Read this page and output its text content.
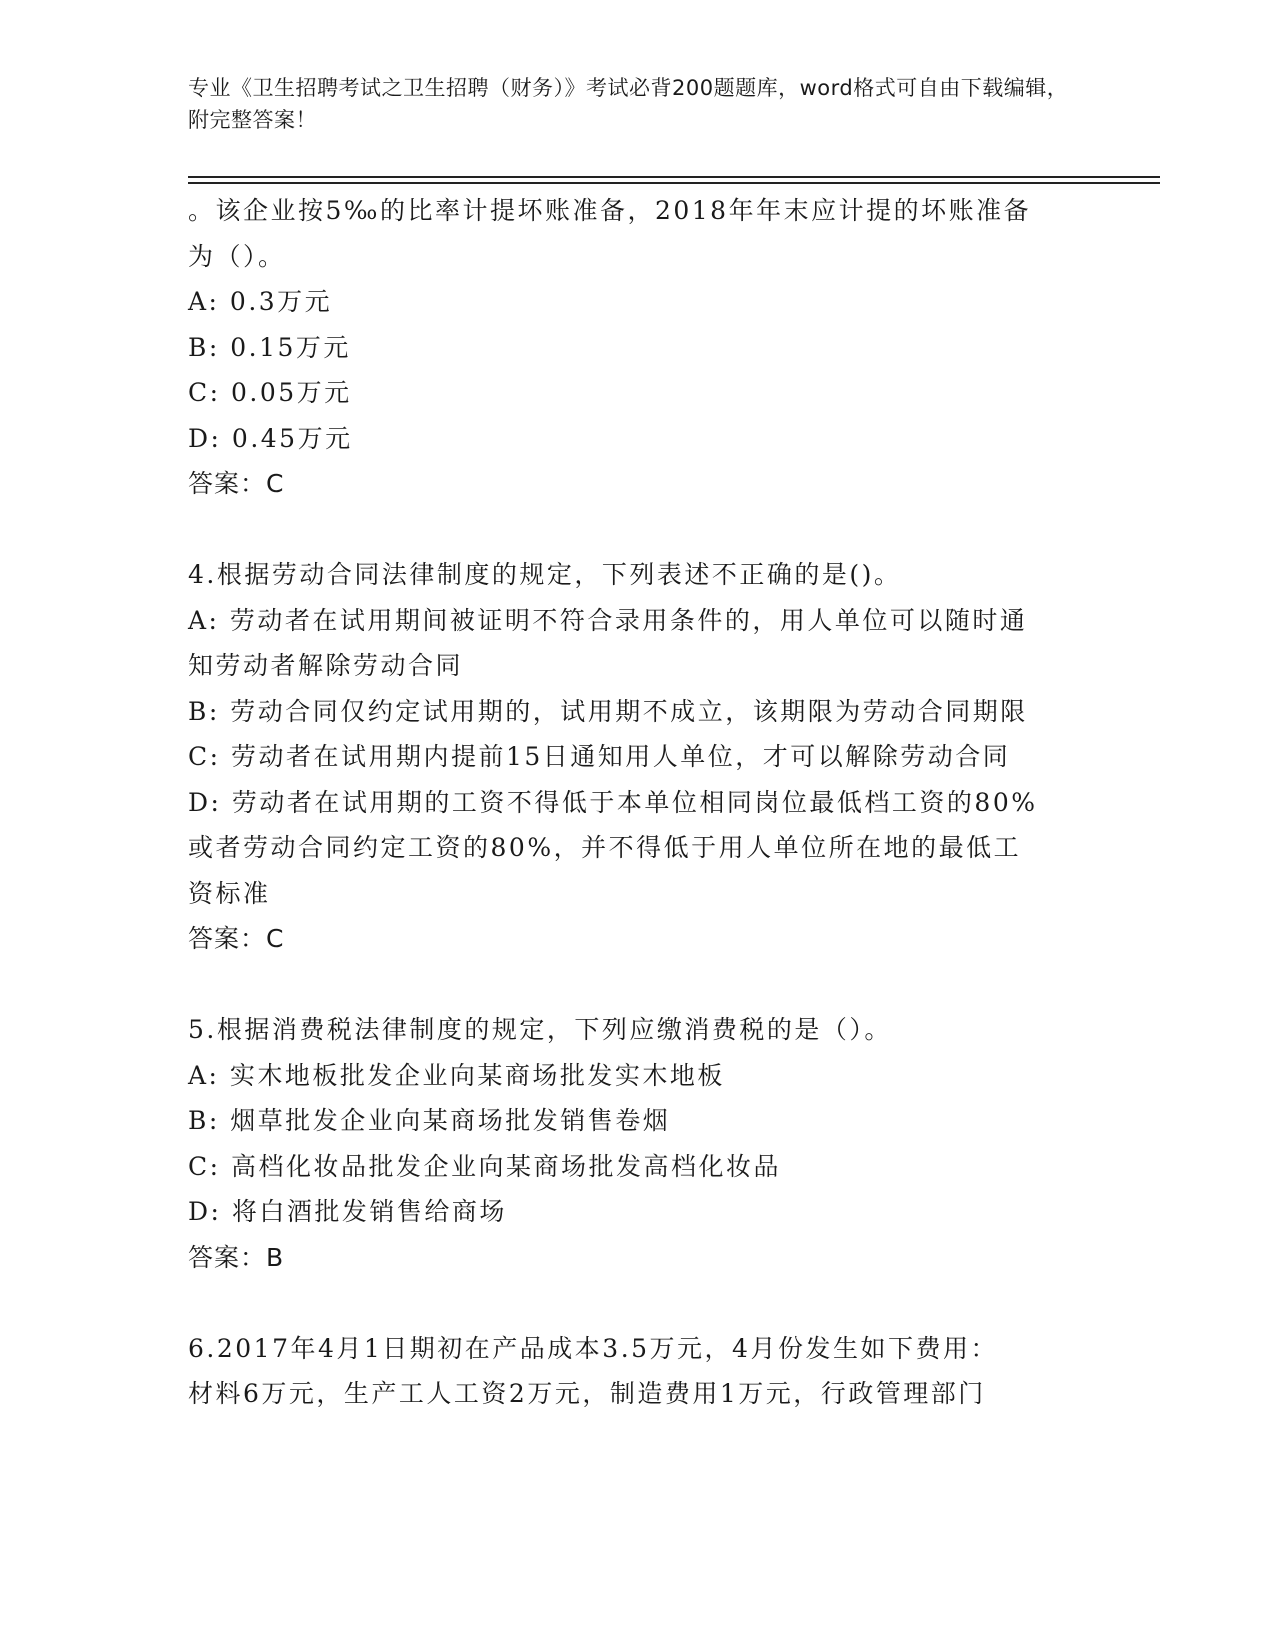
专业《卫生招聘考试之卫生招聘（财务）》考试必背200题题库，word格式可自由下载编辑，附完整答案！
。该企业按5‰的比率计提坏账准备，2018年年末应计提的坏账准备
为（）。
A: 0.3万元
B: 0.15万元
C: 0.05万元
D: 0.45万元
答案：C
4.根据劳动合同法律制度的规定，下列表述不正确的是()。
A: 劳动者在试用期间被证明不符合录用条件的，用人单位可以随时通
知劳动者解除劳动合同
B: 劳动合同仅约定试用期的，试用期不成立，该期限为劳动合同期限
C: 劳动者在试用期内提前15日通知用人单位，才可以解除劳动合同
D: 劳动者在试用期的工资不得低于本单位相同岗位最低档工资的80%
或者劳动合同约定工资的80%，并不得低于用人单位所在地的最低工
资标准
答案：C
5.根据消费税法律制度的规定，下列应缴消费税的是（）。
A: 实木地板批发企业向某商场批发实木地板
B: 烟草批发企业向某商场批发销售卷烟
C: 高档化妆品批发企业向某商场批发高档化妆品
D: 将白酒批发销售给商场
答案：B
6.2017年4月1日期初在产品成本3.5万元，4月份发生如下费用：
材料6万元，生产工人工资2万元，制造费用1万元，行政管理部门
